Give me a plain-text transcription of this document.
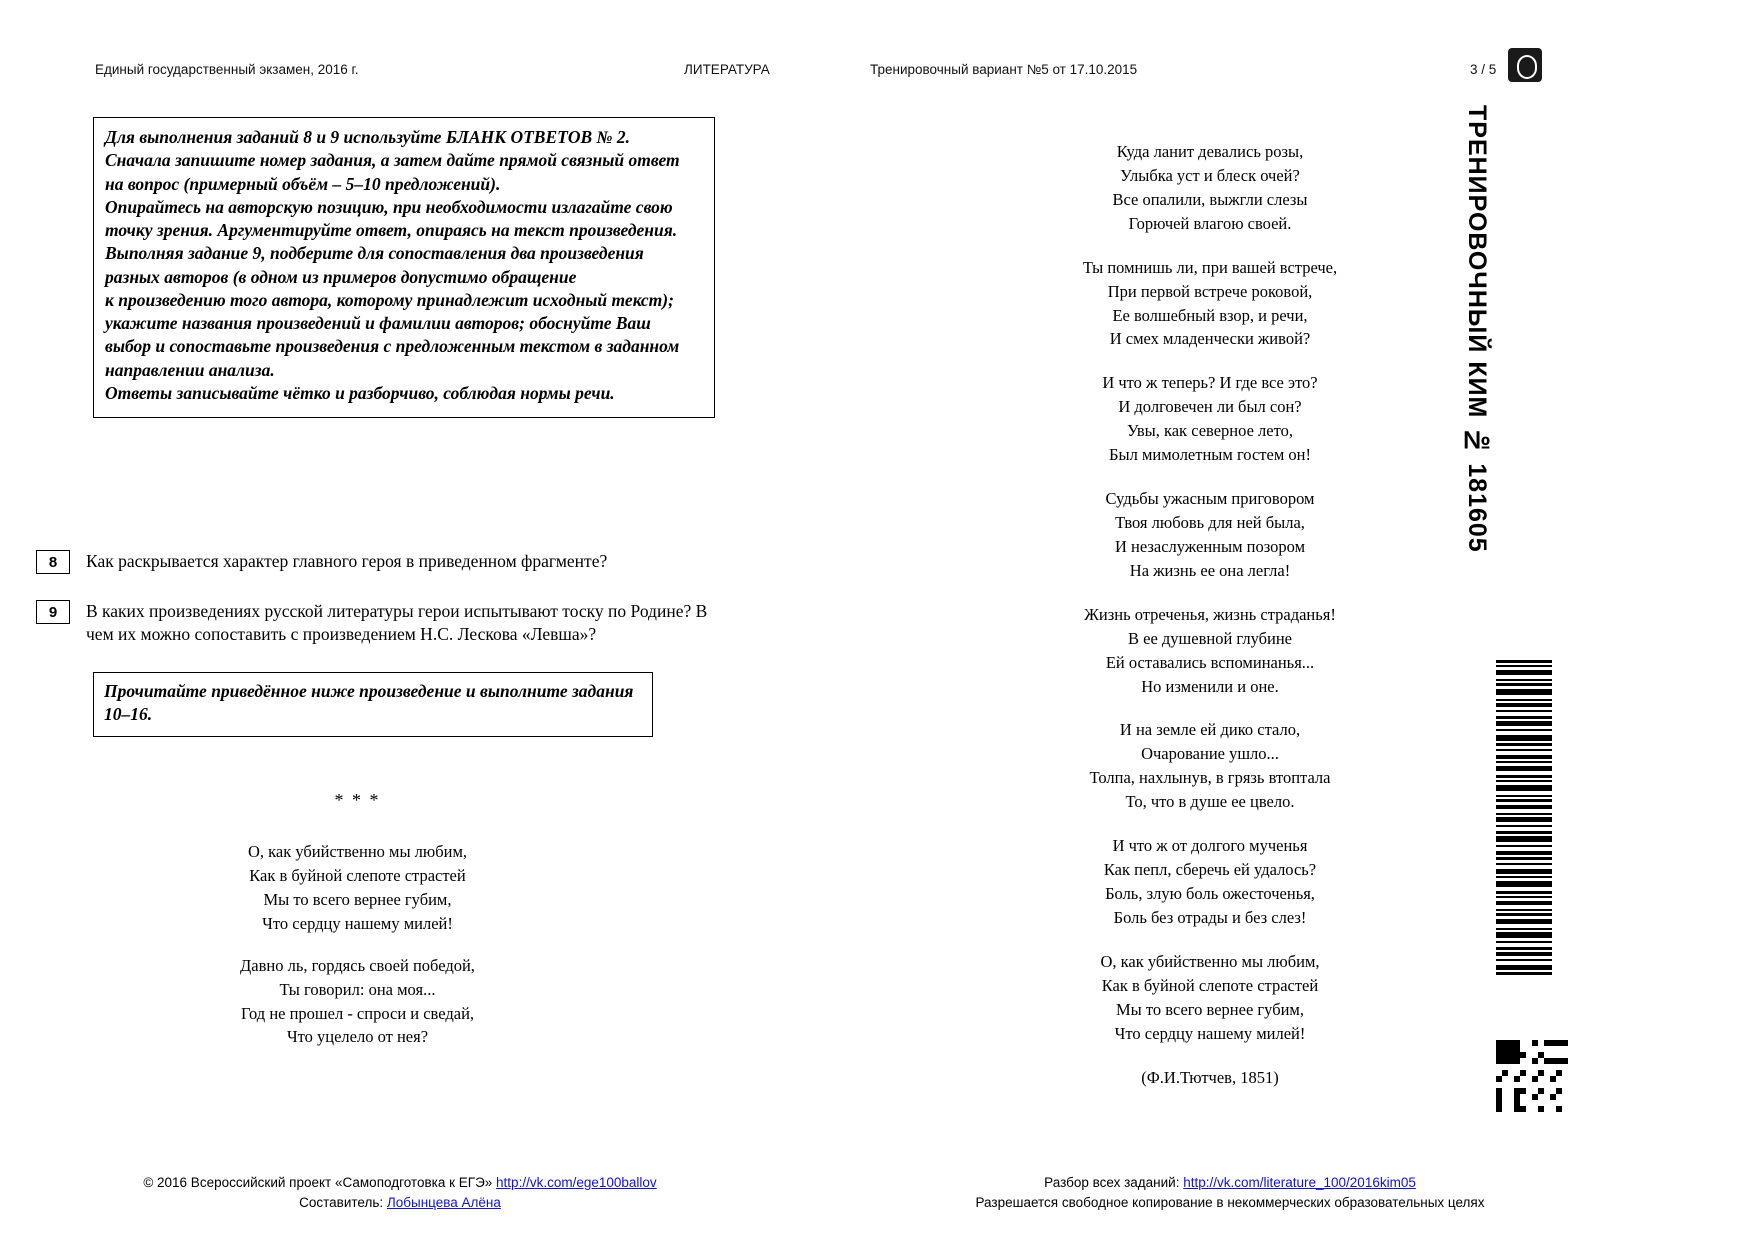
Единый государственный экзамен, 2016 г.	ЛИТЕРАТУРА	Тренировочный вариант №5 от 17.10.2015	3 / 5

Для выполнения заданий 8 и 9 используйте БЛАНК ОТВЕТОВ № 2.

Сначала запишите номер задания, а затем дайте прямой связный ответ

на вопрос (примерный объём – 5–10 предложений).

Опирайтесь на авторскую позицию, при необходимости излагайте свою

точку зрения. Аргументируйте ответ, опираясь на текст произведения.

Выполняя задание 9, подберите для сопоставления два произведения

разных авторов (в одном из примеров допустимо обращение

к произведению того автора, которому принадлежит исходный текст);

укажите названия произведений и фамилии авторов; обоснуйте Ваш

выбор и сопоставьте произведения с предложенным текстом в заданном

направлении анализа.

Ответы записывайте чётко и разборчиво, соблюдая нормы речи.

8	Как раскрывается характер главного героя в приведенном фрагменте?
9	В каких произведениях русской литературы герои испытывают тоску по Родине? В чем их можно сопоставить с произведением Н.С. Лескова «Левша»?

Прочитайте приведённое ниже произведение и выполните задания

10–16.

* * *
О, как убийственно мы любим,
Как в буйной слепоте страстей
Мы то всего вернее губим,
Что сердцу нашему милей!
Давно ль, гордясь своей победой,
Ты говорил: она моя...
Год не прошел - спроси и сведай,
Что уцелело от нея?
Куда ланит девались розы,
Улыбка уст и блеск очей?
Все опалили, выжгли слезы
Горючей влагою своей.
Ты помнишь ли, при вашей встрече,
При первой встрече роковой,
Ее волшебный взор, и речи,
И смех младенчески живой?
И что ж теперь? И где все это?
И долговечен ли был сон?
Увы, как северное лето,
Был мимолетным гостем он!
Судьбы ужасным приговором
Твоя любовь для ней была,
И незаслуженным позором
На жизнь ее она легла!
Жизнь отреченья, жизнь страданья!
В ее душевной глубине
Ей оставались вспоминанья...
Но изменили и оне.
И на земле ей дико стало,
Очарование ушло...
Толпа, нахлынув, в грязь втоптала
То, что в душе ее цвело.
И что ж от долгого мученья
Как пепл, сберечь ей удалось?
Боль, злую боль ожесточенья,
Боль без отрады и без слез!
О, как убийственно мы любим,
Как в буйной слепоте страстей
Мы то всего вернее губим,
Что сердцу нашему милей!
(Ф.И.Тютчев, 1851)
ТРЕНИРОВОЧНЫЙ КИМ № 181605
© 2016 Всероссийский проект «Самоподготовка к ЕГЭ» http://vk.com/ege100ballov
Составитель: Лобынцева Алёна
Разбор всех заданий: http://vk.com/literature_100/2016kim05
Разрешается свободное копирование в некоммерческих образовательных целях
